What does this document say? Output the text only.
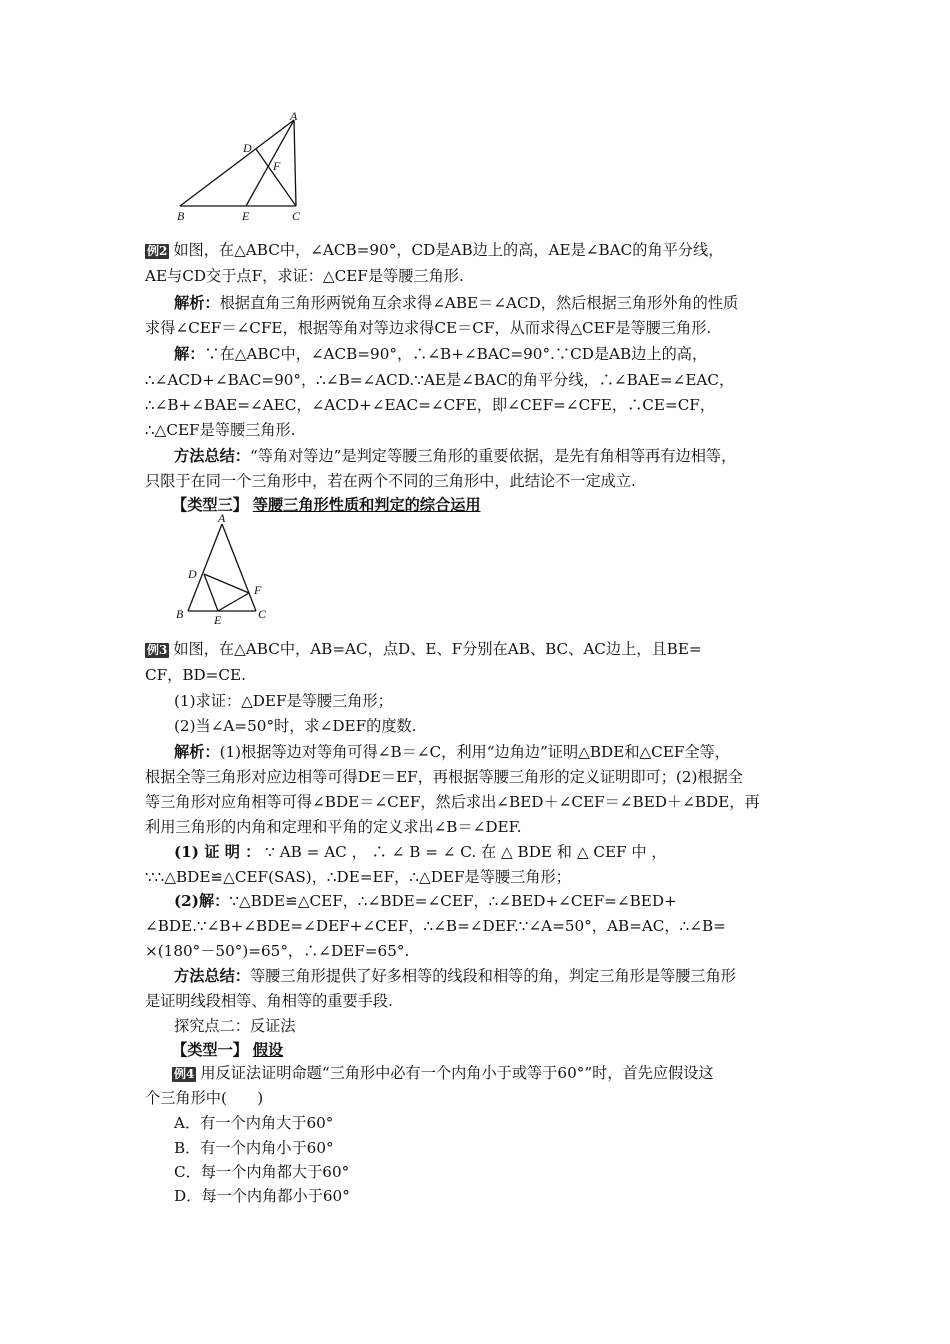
A
D
F
B	E	C
例2 如图，在△ABC中，∠ACB=90°，CD是AB边上的高，AE是∠BAC的角平分线，
AE与CD交于点F，求证：△CEF是等腰三角形.
解析：根据直角三角形两锐角互余求得∠ABE＝∠ACD，然后根据三角形外角的性质
求得∠CEF＝∠CFE，根据等角对等边求得CE＝CF，从而求得△CEF是等腰三角形.
解：∵在△ABC中，∠ACB=90°，∴∠B+∠BAC=90°.∵CD是AB边上的高，
∴∠ACD+∠BAC=90°，∴∠B=∠ACD.∵AE是∠BAC的角平分线，∴∠BAE=∠EAC，
∴∠B+∠BAE=∠AEC，∠ACD+∠EAC=∠CFE，即∠CEF=∠CFE，∴CE=CF，
∴△CEF是等腰三角形.
方法总结：“等角对等边”是判定等腰三角形的重要依据，是先有角相等再有边相等，
只限于在同一个三角形中，若在两个不同的三角形中，此结论不一定成立.
【类型三】 等腰三角形性质和判定的综合运用
A
D
F
B	E	C
例3 如图，在△ABC中，AB=AC，点D、E、F分别在AB、BC、AC边上，且BE=
CF，BD=CE.
(1)求证：△DEF是等腰三角形；
(2)当∠A=50°时，求∠DEF的度数.
解析：(1)根据等边对等角可得∠B＝∠C，利用“边角边”证明△BDE和△CEF全等，
根据全等三角形对应边相等可得DE＝EF，再根据等腰三角形的定义证明即可；(2)根据全
等三角形对应角相等可得∠BDE＝∠CEF，然后求出∠BED＋∠CEF＝∠BED＋∠BDE，再
利用三角形的内角和定理和平角的定义求出∠B＝∠DEF.
(1) 证 明 ： ∵ AB = AC ， ∴ ∠ B = ∠ C. 在 △ BDE 和 △ CEF 中 ，
∵∴△BDE≌△CEF(SAS)，∴DE=EF，∴△DEF是等腰三角形；
(2)解：∵△BDE≌△CEF，∴∠BDE=∠CEF，∴∠BED+∠CEF=∠BED+
∠BDE.∵∠B+∠BDE=∠DEF+∠CEF，∴∠B=∠DEF.∵∠A=50°，AB=AC，∴∠B=
×(180°－50°)=65°，∴∠DEF=65°.
方法总结：等腰三角形提供了好多相等的线段和相等的角，判定三角形是等腰三角形
是证明线段相等、角相等的重要手段.
探究点二：反证法
【类型一】 假设
例4 用反证法证明命题“三角形中必有一个内角小于或等于60°”时，首先应假设这
个三角形中(　　)
A．有一个内角大于60°
B．有一个内角小于60°
C．每一个内角都大于60°
D．每一个内角都小于60°
